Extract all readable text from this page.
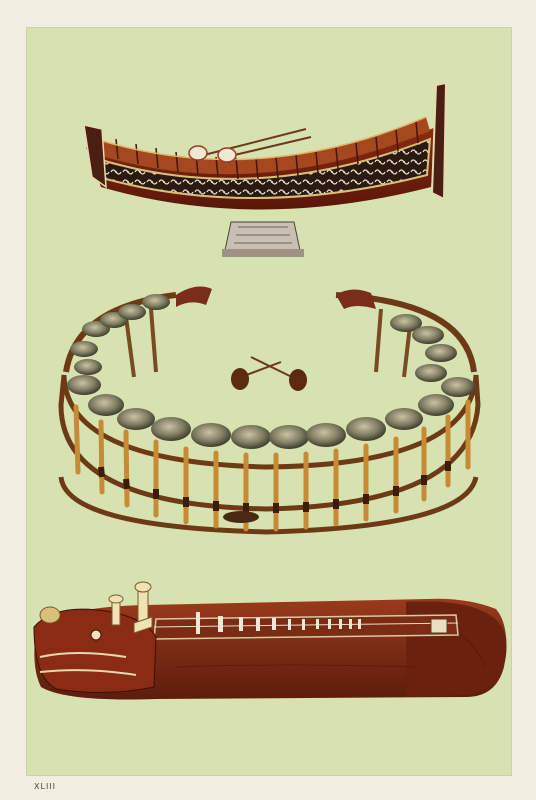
XLIII
